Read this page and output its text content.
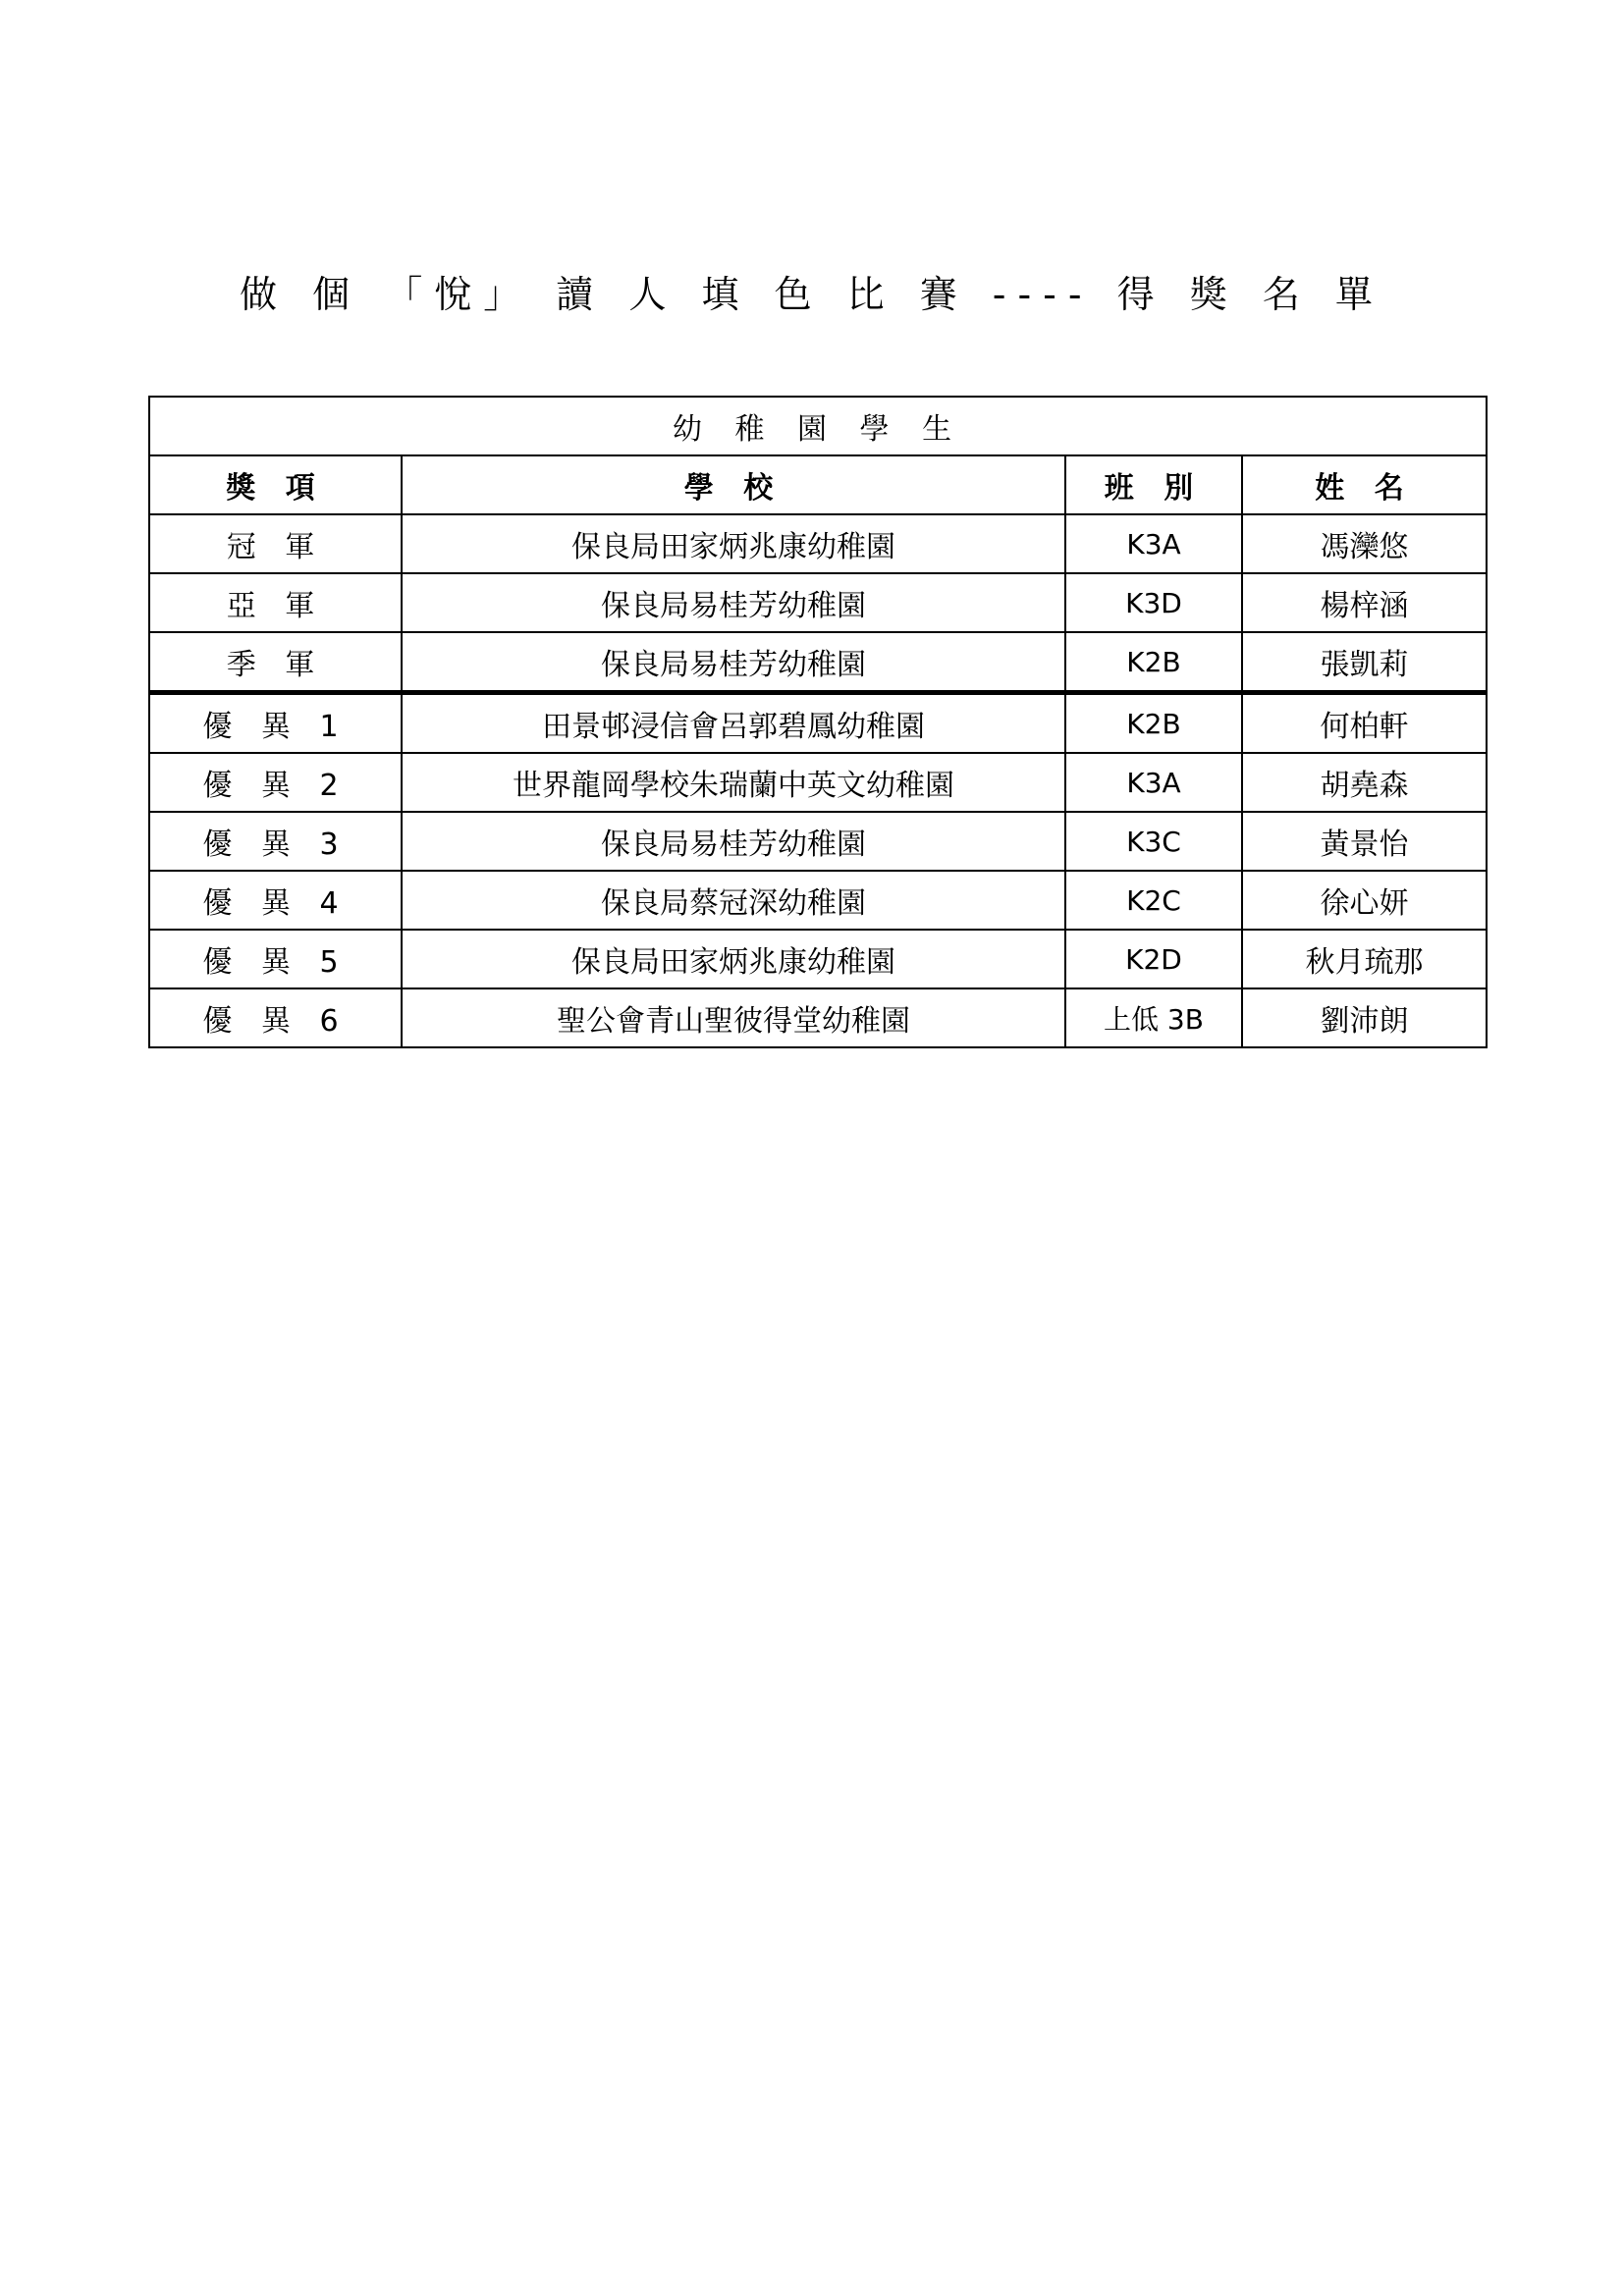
做 個 「悅」 讀 人 填 色 比 賽 ---- 得 獎 名 單
幼 稚 園 學 生			
獎 項	學 校	班 別	姓 名
冠 軍	保良局田家炳兆康幼稚園	K3A	馮灤悠
亞 軍	保良局易桂芳幼稚園	K3D	楊梓涵
季 軍	保良局易桂芳幼稚園	K2B	張凱莉
優 異 1	田景邨浸信會呂郭碧鳳幼稚園	K2B	何柏軒
優 異 2	世界龍岡學校朱瑞蘭中英文幼稚園	K3A	胡堯森
優 異 3	保良局易桂芳幼稚園	K3C	黃景怡
優 異 4	保良局蔡冠深幼稚園	K2C	徐心妍
優 異 5	保良局田家炳兆康幼稚園	K2D	秋月琉那
優 異 6	聖公會青山聖彼得堂幼稚園	上低 3B	劉沛朗
